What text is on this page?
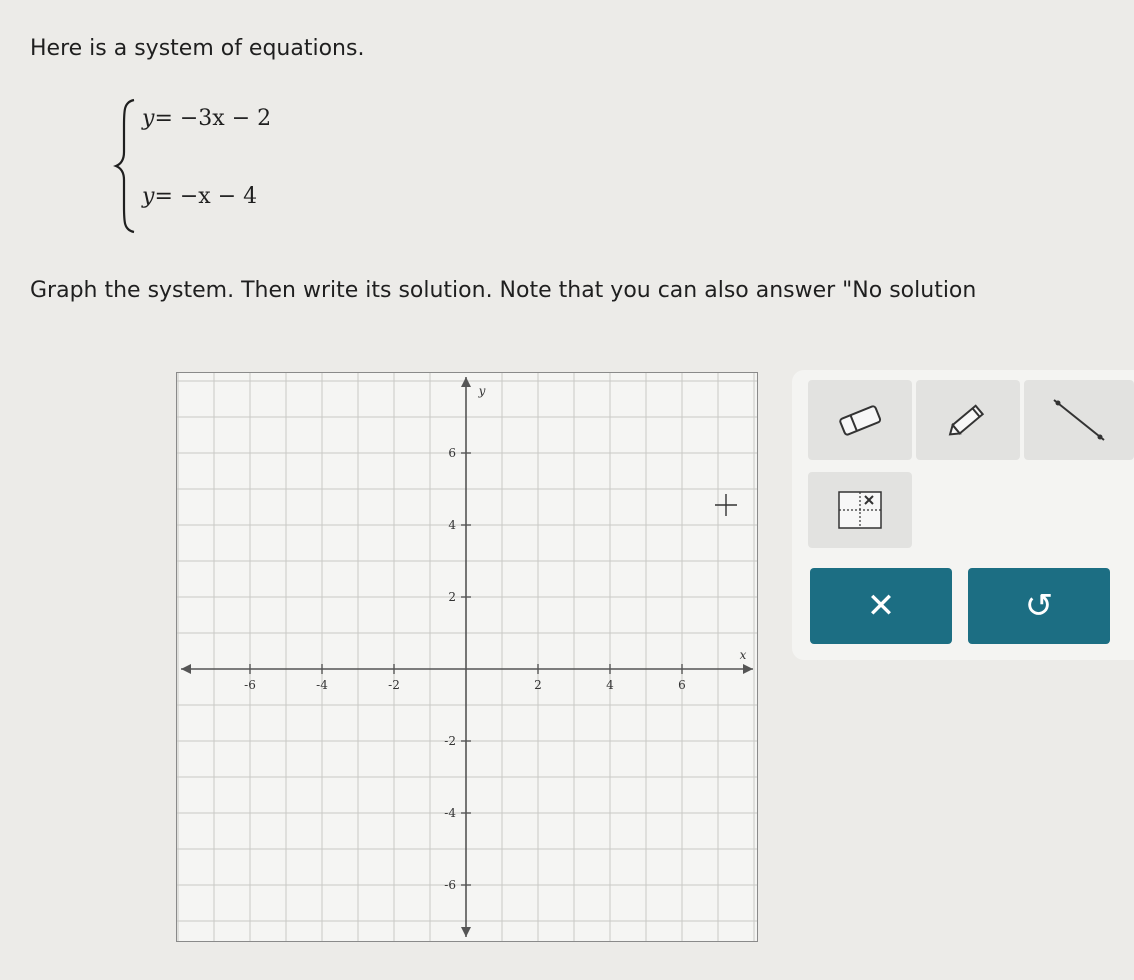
Here is a system of equations.
y= −3x − 2
y= −x − 4
Graph the system. Then write its solution. Note that you can also answer "No solution
-6	-4	-2	2	4	6
6
4
2
-2
-4
-6
x
y
✕	↺
